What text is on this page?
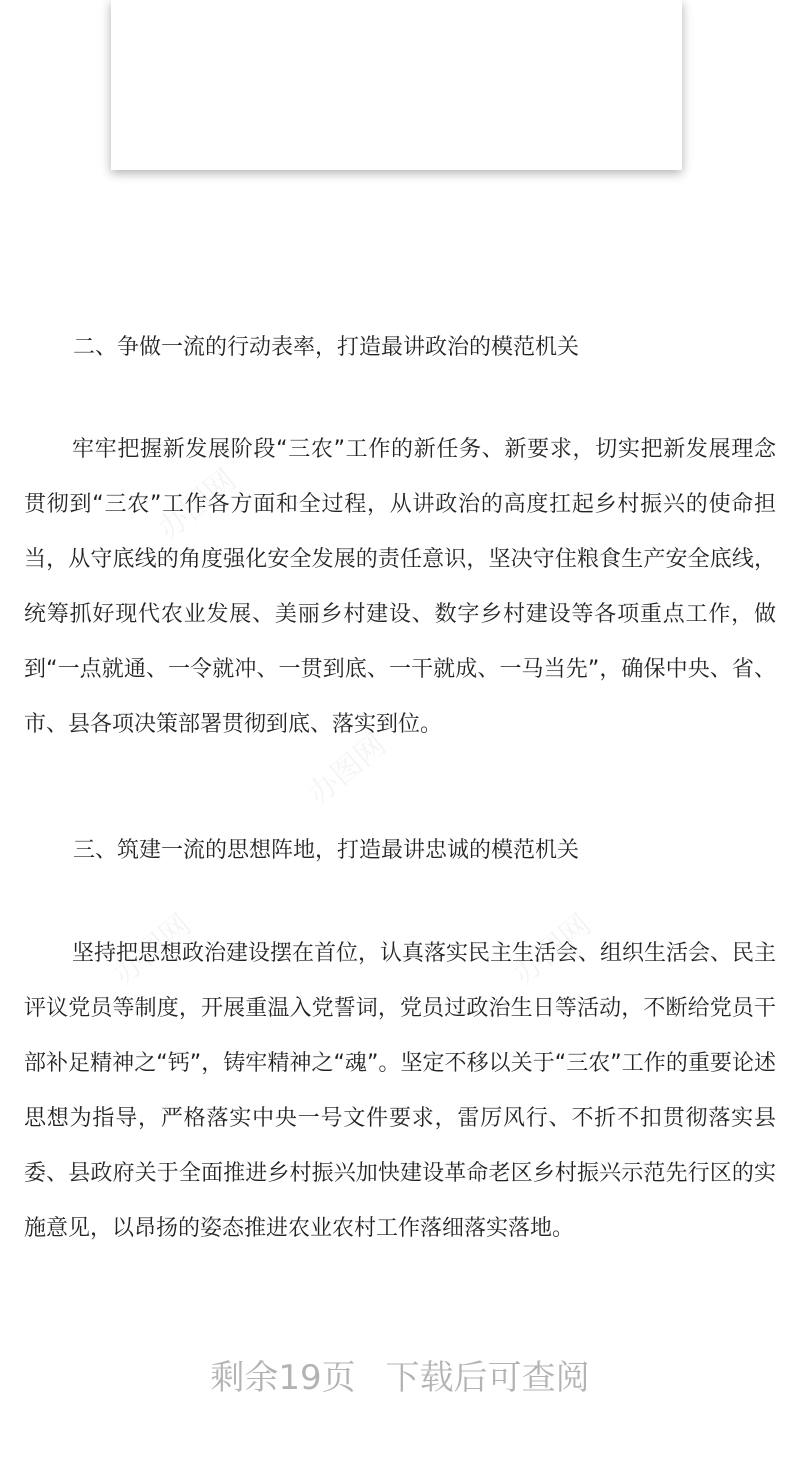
二、争做一流的行动表率，打造最讲政治的模范机关

牢牢把握新发展阶段“三农”工作的新任务、新要求，切实把新发展理念贯彻到“三农”工作各方面和全过程，从讲政治的高度扛起乡村振兴的使命担当，从守底线的角度强化安全发展的责任意识，坚决守住粮食生产安全底线，统筹抓好现代农业发展、美丽乡村建设、数字乡村建设等各项重点工作，做到“一点就通、一令就冲、一贯到底、一干就成、一马当先”，确保中央、省、市、县各项决策部署贯彻到底、落实到位。

三、筑建一流的思想阵地，打造最讲忠诚的模范机关

坚持把思想政治建设摆在首位，认真落实民主生活会、组织生活会、民主评议党员等制度，开展重温入党誓词，党员过政治生日等活动，不断给党员干部补足精神之“钙”，铸牢精神之“魂”。坚定不移以关于“三农”工作的重要论述思想为指导，严格落实中央一号文件要求，雷厉风行、不折不扣贯彻落实县委、县政府关于全面推进乡村振兴加快建设革命老区乡村振兴示范先行区的实施意见，以昂扬的姿态推进农业农村工作落细落实落地。

剩余19页 下载后可查阅
